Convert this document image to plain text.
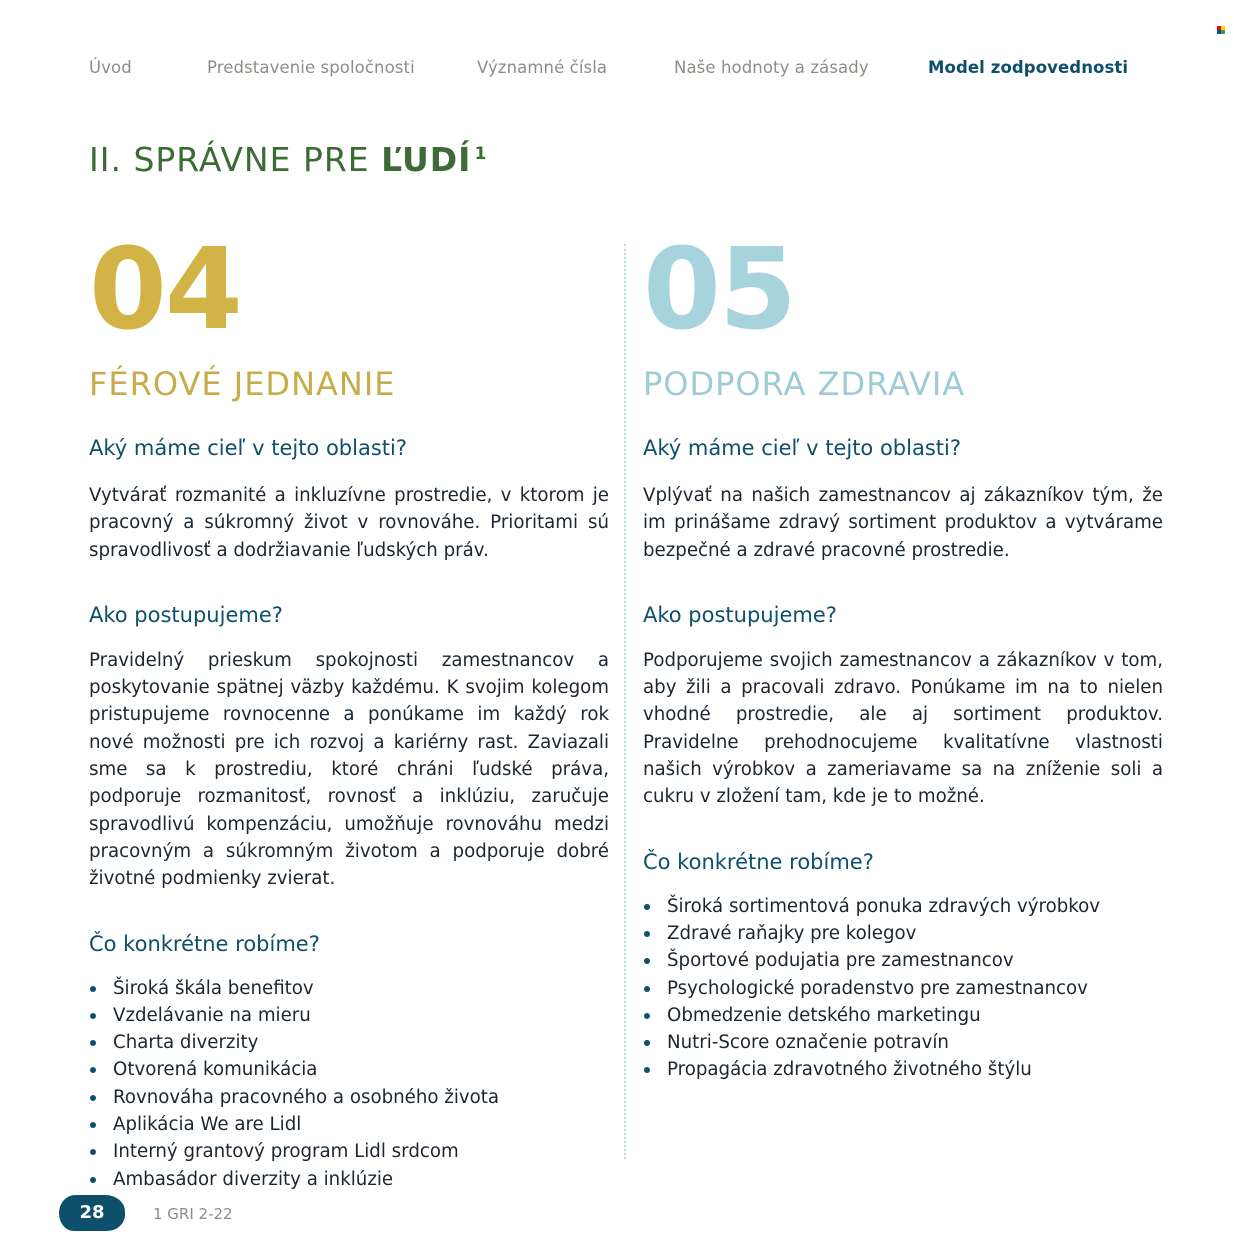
Úvod	Predstavenie spoločnosti	Významné čísla	Naše hodnoty a zásady	Model zodpovednosti
II. SPRÁVNE PRE ĽUDÍ $^1$
04
FÉROVÉ JEDNANIE
Aký máme cieľ v tejto oblasti?

Vytvárať rozmanité a inkluzívne prostredie, v ktorom je pracovný a súkromný život v rovnováhe. Prioritami sú spravodlivosť a dodržiavanie ľudských práv.

Ako postupujeme?

Pravidelný prieskum spokojnosti zamestnancov a poskytovanie spätnej väzby každému. K svojim kolegom pristupujeme rovnocenne a ponúkame im každý rok nové možnosti pre ich rozvoj a kariérny rast. Zaviazali sme sa k prostrediu, ktoré chráni ľudské práva, podporuje rozmanitosť, rovnosť a inklúziu, zaručuje spravodlivú kompenzáciu, umožňuje rovnováhu medzi pracovným a súkromným životom a podporuje dobré životné podmienky zvierat.

Čo konkrétne robíme?
Široká škála benefitov
Vzdelávanie na mieru
Charta diverzity
Otvorená komunikácia
Rovnováha pracovného a osobného života
Aplikácia We are Lidl
Interný grantový program Lidl srdcom
Ambasádor diverzity a inklúzie
05
PODPORA ZDRAVIA
Aký máme cieľ v tejto oblasti?

Vplývať na našich zamestnancov aj zákazníkov tým, že im prinášame zdravý sortiment produktov a vytvárame bezpečné a zdravé pracovné prostredie.

Ako postupujeme?

Podporujeme svojich zamestnancov a zákazníkov v tom, aby žili a pracovali zdravo. Ponúkame im na to nielen vhodné prostredie, ale aj sortiment produktov. Pravidelne prehodnocujeme kvalitatívne vlastnosti našich výrobkov a zameriavame sa na zníženie soli a cukru v zložení tam, kde je to možné.

Čo konkrétne robíme?
Široká sortimentová ponuka zdravých výrobkov
Zdravé raňajky pre kolegov
Športové podujatia pre zamestnancov
Psychologické poradenstvo pre zamestnancov
Obmedzenie detského marketingu
Nutri-Score označenie potravín
Propagácia zdravotného životného štýlu
28	1 GRI 2-22
